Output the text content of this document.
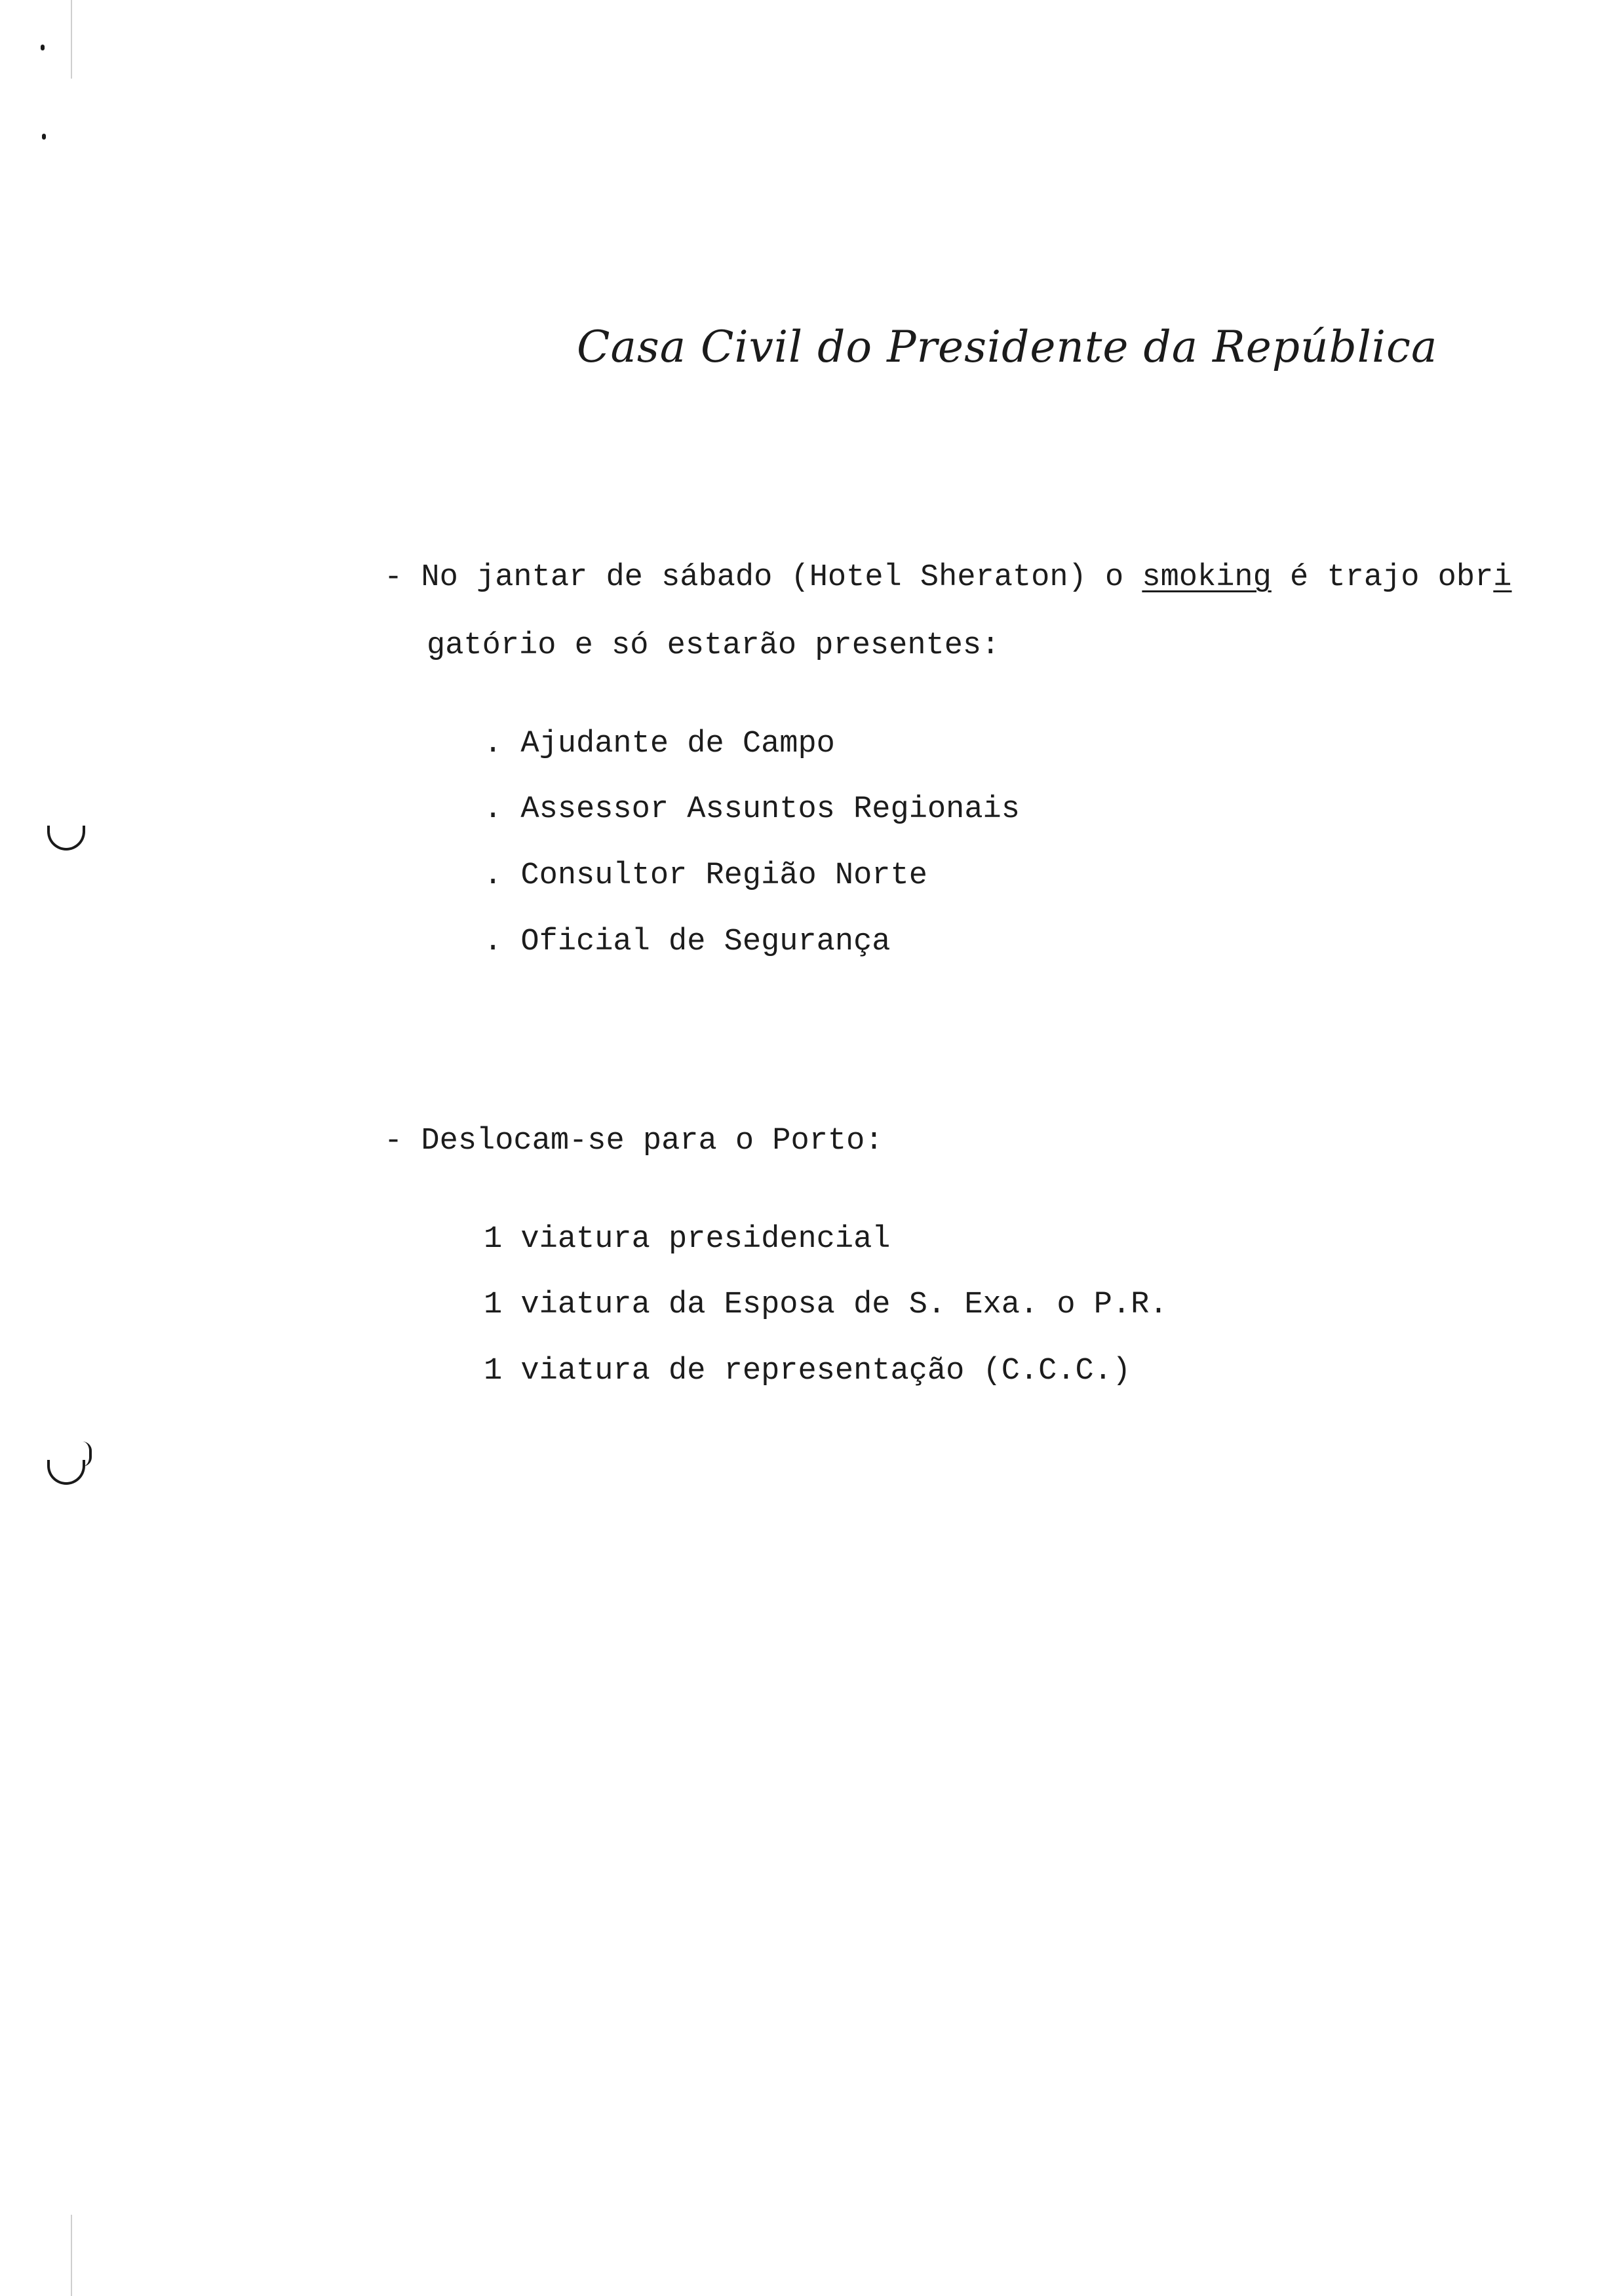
Casa Civil do Presidente da República
- No jantar de sábado (Hotel Sheraton) o smoking é trajo obri
gatório e só estarão presentes:
. Ajudante de Campo
. Assessor Assuntos Regionais
. Consultor Região Norte
. Oficial de Segurança
- Deslocam-se para o Porto:
1 viatura presidencial
1 viatura da Esposa de S. Exa. o P.R.
1 viatura de representação (C.C.C.)
